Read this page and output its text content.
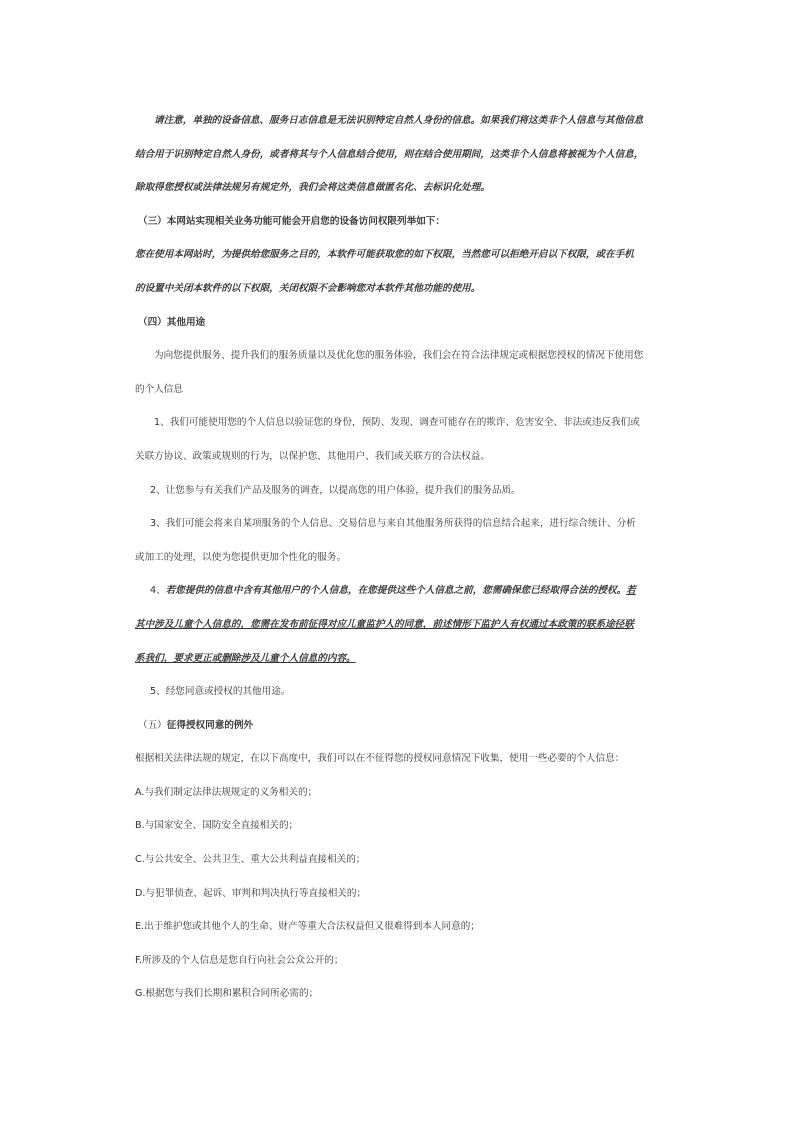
请注意，单独的设备信息、服务日志信息是无法识别特定自然人身份的信息。如果我们将这类非个人信息与其他信息
结合用于识别特定自然人身份，或者将其与个人信息结合使用，则在结合使用期间，这类非个人信息将被视为个人信息，
除取得您授权或法律法规另有规定外，我们会将这类信息做匿名化、去标识化处理。
（三）本网站实现相关业务功能可能会开启您的设备访问权限列举如下：
您在使用本网站时，为提供给您服务之目的，本软件可能获取您的如下权限，当然您可以拒绝开启以下权限，或在手机
的设置中关闭本软件的以下权限，关闭权限不会影响您对本软件其他功能的使用。
（四）其他用途
为向您提供服务、提升我们的服务质量以及优化您的服务体验，我们会在符合法律规定或根据您授权的情况下使用您
的个人信息
1、我们可能使用您的个人信息以验证您的身份，预防、发现、调查可能存在的欺诈、危害安全、非法或违反我们或
关联方协议、政策或规则的行为，以保护您、其他用户、我们或关联方的合法权益。
2、让您参与有关我们产品及服务的调查，以提高您的用户体验，提升我们的服务品质。
3、我们可能会将来自某项服务的个人信息、交易信息与来自其他服务所获得的信息结合起来，进行综合统计、分析
或加工的处理，以使为您提供更加个性化的服务。
4、若您提供的信息中含有其他用户的个人信息，在您提供这些个人信息之前，您需确保您已经取得合法的授权。若
其中涉及儿童个人信息的，您需在发布前征得对应儿童监护人的同意，前述情形下监护人有权通过本政策的联系途径联
系我们，要求更正或删除涉及儿童个人信息的内容。
5、经您同意或授权的其他用途。
（五）征得授权同意的例外
根据相关法律法规的规定，在以下高度中，我们可以在不征得您的授权同意情况下收集，使用一些必要的个人信息：
A.与我们制定法律法规规定的义务相关的；
B.与国家安全、国防安全直接相关的；
C.与公共安全、公共卫生、重大公共利益直接相关的；
D.与犯罪侦查、起诉、审判和判决执行等直接相关的；
E.出于维护您或其他个人的生命、财产等重大合法权益但又很难得到本人同意的；
F.所涉及的个人信息是您自行向社会公众公开的；
G.根据您与我们长期和累积合同所必需的；
